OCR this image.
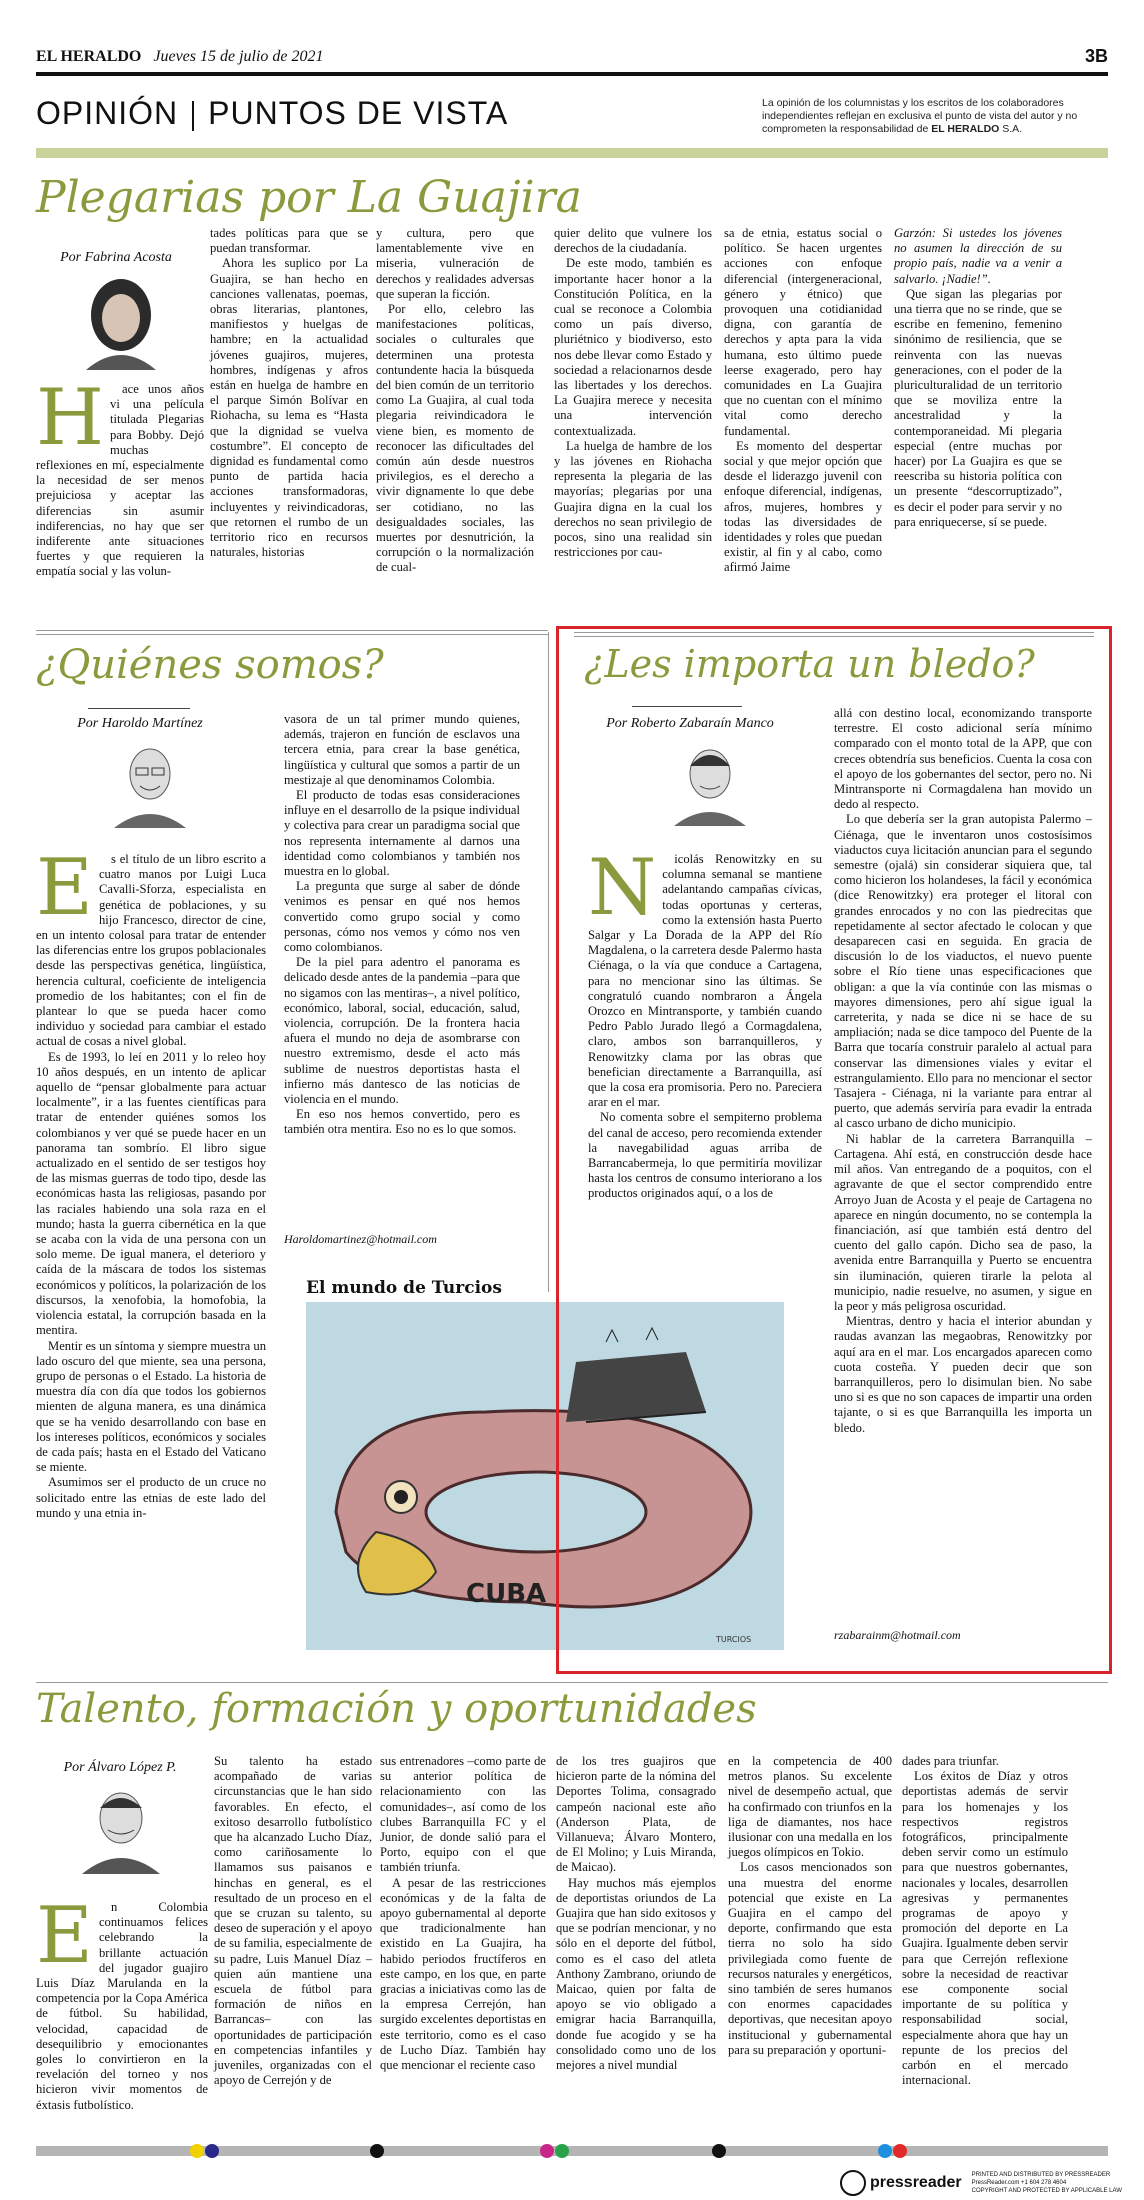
EL HERALDO Jueves 15 de julio de 2021	3B
OPINIÓN PUNTOS DE VISTA	La opinión de los columnistas y los escritos de los colaboradores independientes reflejan en exclusiva el punto de vista del autor y no comprometen la responsabilidad de EL HERALDO S.A.
Plegarias por La Guajira
Por Fabrina Acosta
H	ace unos años vi una película titulada Plegarias para Bobby. Dejó muchas reflexiones en mí, especialmente la necesidad de ser menos prejuiciosa y aceptar las diferencias sin asumir indiferencias, no hay que ser indiferente ante situaciones fuertes y que requieren la empatía social y las volun-

tades políticas para que se puedan transformar.

Ahora les suplico por La Guajira, se han hecho en canciones vallenatas, poemas, obras literarias, plantones, manifiestos y huelgas de hambre; en la actualidad jóvenes guajiros, mujeres, hombres, indígenas y afros están en huelga de hambre en el parque Simón Bolívar en Riohacha, su lema es “Hasta que la dignidad se vuelva costumbre”. El concepto de dignidad es fundamental como punto de partida hacia acciones transformadoras, incluyentes y reivindicadoras, que retornen el rumbo de un territorio rico en recursos naturales, historias

y cultura, pero que lamentablemente vive en miseria, vulneración de derechos y realidades adversas que superan la ficción.

Por ello, celebro las manifestaciones políticas, sociales o culturales que determinen una protesta contundente hacia la búsqueda del bien común de un territorio como La Guajira, al cual toda plegaria reivindicadora le viene bien, es momento de reconocer las dificultades del común aún desde nuestros privilegios, es el derecho a vivir dignamente lo que debe ser cotidiano, no las desigualdades sociales, las muertes por desnutrición, la corrupción o la normalización de cual-

quier delito que vulnere los derechos de la ciudadanía.

De este modo, también es importante hacer honor a la Constitución Política, en la cual se reconoce a Colombia como un país diverso, pluriétnico y biodiverso, esto nos debe llevar como Estado y sociedad a relacionarnos desde las libertades y los derechos. La Guajira merece y necesita una intervención contextualizada.

La huelga de hambre de los y las jóvenes en Riohacha representa la plegaria de las mayorías; plegarias por una Guajira digna en la cual los derechos no sean privilegio de pocos, sino una realidad sin restricciones por cau-

sa de etnia, estatus social o político. Se hacen urgentes acciones con enfoque diferencial (intergeneracional, género y étnico) que provoquen una cotidianidad digna, con garantía de derechos y apta para la vida humana, esto último puede leerse exagerado, pero hay comunidades en La Guajira que no cuentan con el mínimo vital como derecho fundamental.

Es momento del despertar social y que mejor opción que desde el liderazgo juvenil con enfoque diferencial, indígenas, afros, mujeres, hombres y todas las diversidades de identidades y roles que puedan existir, al fin y al cabo, como afirmó Jaime

Garzón: Si ustedes los jóvenes no asumen la dirección de su propio país, nadie va a venir a salvarlo. ¡Nadie!”.

Que sigan las plegarias por una tierra que no se rinde, que se escribe en femenino, femenino sinónimo de resiliencia, que se reinventa con las nuevas generaciones, con el poder de la pluriculturalidad de un territorio que se moviliza entre la ancestralidad y la contemporaneidad. Mi plegaria especial (entre muchas por hacer) por La Guajira es que se reescriba su historia política con un presente “descorruptizado”, es decir el poder para servir y no para enriquecerse, sí se puede.

¿Quiénes somos?
Por Haroldo Martínez
E	s el título de un libro escrito a cuatro manos por Luigi Luca Cavalli-Sforza, especialista en genética de poblaciones, y su hijo Francesco, director de cine, en un intento colosal para tratar de entender las diferencias entre los grupos poblacionales desde las perspectivas genética, lingüística, herencia cultural, coeficiente de inteligencia promedio de los habitantes; con el fin de plantear lo que se pueda hacer como individuo y sociedad para cambiar el estado actual de cosas a nivel global.

Es de 1993, lo leí en 2011 y lo releo hoy 10 años después, en un intento de aplicar aquello de “pensar globalmente para actuar localmente”, ir a las fuentes científicas para tratar de entender quiénes somos los colombianos y ver qué se puede hacer en un panorama tan sombrío. El libro sigue actualizado en el sentido de ser testigos hoy de las mismas guerras de todo tipo, desde las económicas hasta las religiosas, pasando por las raciales habiendo una sola raza en el mundo; hasta la guerra cibernética en la que se acaba con la vida de una persona con un solo meme. De igual manera, el deterioro y caída de la máscara de todos los sistemas económicos y políticos, la polarización de los discursos, la xenofobia, la homofobia, la violencia estatal, la corrupción basada en la mentira.

Mentir es un síntoma y siempre muestra un lado oscuro del que miente, sea una persona, grupo de personas o el Estado. La historia de muestra día con día que todos los gobiernos mienten de alguna manera, es una dinámica que se ha venido desarrollando con base en los intereses políticos, económicos y sociales de cada país; hasta en el Estado del Vaticano se miente.

Asumimos ser el producto de un cruce no solicitado entre las etnias de este lado del mundo y una etnia in-

vasora de un tal primer mundo quienes, además, trajeron en función de esclavos una tercera etnia, para crear la base genética, lingüística y cultural que somos a partir de un mestizaje al que denominamos Colombia.

El producto de todas esas consideraciones influye en el desarrollo de la psique individual y colectiva para crear un paradigma social que nos representa internamente al darnos una identidad como colombianos y también nos muestra en lo global.

La pregunta que surge al saber de dónde venimos es pensar en qué nos hemos convertido como grupo social y como personas, cómo nos vemos y cómo nos ven como colombianos.

De la piel para adentro el panorama es delicado desde antes de la pandemia –para que no sigamos con las mentiras–, a nivel político, económico, laboral, social, educación, salud, violencia, corrupción. De la frontera hacia afuera el mundo no deja de asombrarse con nuestro extremismo, desde el acto más sublime de nuestros deportistas hasta el infierno más dantesco de las noticias de violencia en el mundo.

En eso nos hemos convertido, pero es también otra mentira. Eso no es lo que somos.

Haroldomartinez@hotmail.com
El mundo de Turcios
CUBA
TURCIOS
¿Les importa un bledo?
Por Roberto Zabaraín Manco
N	icolás Renowitzky en su columna semanal se mantiene adelantando campañas cívicas, todas oportunas y certeras, como la extensión hasta Puerto Salgar y La Dorada de la APP del Río Magdalena, o la carretera desde Palermo hasta Ciénaga, o la vía que conduce a Cartagena, para no mencionar sino las últimas. Se congratuló cuando nombraron a Ángela Orozco en Mintransporte, y también cuando Pedro Pablo Jurado llegó a Cormagdalena, claro, ambos son barranquilleros, y Renowitzky clama por las obras que benefician directamente a Barranquilla, así que la cosa era promisoria. Pero no. Pareciera arar en el mar.

No comenta sobre el sempiterno problema del canal de acceso, pero recomienda extender la navegabilidad aguas arriba de Barrancabermeja, lo que permitiría movilizar hasta los centros de consumo interiorano a los productos originados aquí, o a los de

allá con destino local, economizando transporte terrestre. El costo adicional sería mínimo comparado con el monto total de la APP, que con creces obtendría sus beneficios. Cuenta la cosa con el apoyo de los gobernantes del sector, pero no. Ni Mintransporte ni Cormagdalena han movido un dedo al respecto.

Lo que debería ser la gran autopista Palermo – Ciénaga, que le inventaron unos costosísimos viaductos cuya licitación anuncian para el segundo semestre (ojalá) sin considerar siquiera que, tal como hicieron los holandeses, la fácil y económica (dice Renowitzky) era proteger el litoral con grandes enrocados y no con las piedrecitas que repetidamente al sector afectado le colocan y que desaparecen casi en seguida. En gracia de discusión lo de los viaductos, el nuevo puente sobre el Río tiene unas especificaciones que obligan: a que la vía continúe con las mismas o mayores dimensiones, pero ahí sigue igual la carreterita, y nada se dice ni se hace de su ampliación; nada se dice tampoco del Puente de la Barra que tocaría construir paralelo al actual para conservar las dimensiones viales y evitar el estrangulamiento. Ello para no mencionar el sector Tasajera - Ciénaga, ni la variante para entrar al puerto, que además serviría para evadir la entrada al casco urbano de dicho municipio.

Ni hablar de la carretera Barranquilla – Cartagena. Ahí está, en construcción desde hace mil años. Van entregando de a poquitos, con el agravante de que el sector comprendido entre Arroyo Juan de Acosta y el peaje de Cartagena no aparece en ningún documento, no se contempla la financiación, así que también está dentro del cuento del gallo capón. Dicho sea de paso, la avenida entre Barranquilla y Puerto se encuentra sin iluminación, quieren tirarle la pelota al municipio, nadie resuelve, no asumen, y sigue en la peor y más peligrosa oscuridad.

Mientras, dentro y hacia el interior abundan y raudas avanzan las megaobras, Renowitzky por aquí ara en el mar. Los encargados aparecen como cuota costeña. Y pueden decir que son barranquilleros, pero lo disimulan bien. No sabe uno si es que no son capaces de impartir una orden tajante, o si es que Barranquilla les importa un bledo.

rzabarainm@hotmail.com
Talento, formación y oportunidades
Por Álvaro López P.
E	n Colombia continuamos felices celebrando la brillante actuación del jugador guajiro Luis Díaz Marulanda en la competencia por la Copa América de fútbol. Su habilidad, velocidad, capacidad de desequilibrio y emocionantes goles lo convirtieron en la revelación del torneo y nos hicieron vivir momentos de éxtasis futbolístico.

Su talento ha estado acompañado de varias circunstancias que le han sido favorables. En efecto, el exitoso desarrollo futbolístico que ha alcanzado Lucho Díaz, como cariñosamente lo llamamos sus paisanos e hinchas en general, es el resultado de un proceso en el que se cruzan su talento, su deseo de superación y el apoyo de su familia, especialmente de su padre, Luis Manuel Díaz –quien aún mantiene una escuela de fútbol para formación de niños en Barrancas– con las oportunidades de participación en competencias infantiles y juveniles, organizadas con el apoyo de Cerrejón y de

sus entrenadores –como parte de su anterior política de relacionamiento con las comunidades–, así como de los clubes Barranquilla FC y el Junior, de donde salió para el Porto, equipo con el que también triunfa.

A pesar de las restricciones económicas y de la falta de apoyo gubernamental al deporte que tradicionalmente han existido en La Guajira, ha habido periodos fructíferos en este campo, en los que, en parte gracias a iniciativas como las de la empresa Cerrejón, han surgido excelentes deportistas en este territorio, como es el caso de Lucho Díaz. También hay que mencionar el reciente caso

de los tres guajiros que hicieron parte de la nómina del Deportes Tolima, consagrado campeón nacional este año (Anderson Plata, de Villanueva; Álvaro Montero, de El Molino; y Luis Miranda, de Maicao).

Hay muchos más ejemplos de deportistas oriundos de La Guajira que han sido exitosos y que se podrían mencionar, y no sólo en el deporte del fútbol, como es el caso del atleta Anthony Zambrano, oriundo de Maicao, quien por falta de apoyo se vio obligado a emigrar hacia Barranquilla, donde fue acogido y se ha consolidado como uno de los mejores a nivel mundial

en la competencia de 400 metros planos. Su excelente nivel de desempeño actual, que ha confirmado con triunfos en la liga de diamantes, nos hace ilusionar con una medalla en los juegos olímpicos en Tokio.

Los casos mencionados son una muestra del enorme potencial que existe en La Guajira en el campo del deporte, confirmando que esta tierra no solo ha sido privilegiada como fuente de recursos naturales y energéticos, sino también de seres humanos con enormes capacidades deportivas, que necesitan apoyo institucional y gubernamental para su preparación y oportuni-

dades para triunfar.

Los éxitos de Díaz y otros deportistas además de servir para los homenajes y los respectivos registros fotográficos, principalmente deben servir como un estímulo para que nuestros gobernantes, nacionales y locales, desarrollen agresivas y permanentes programas de apoyo y promoción del deporte en La Guajira. Igualmente deben servir para que Cerrejón reflexione sobre la necesidad de reactivar ese componente social importante de su política y responsabilidad social, especialmente ahora que hay un repunte de los precios del carbón en el mercado internacional.

pressreader PRINTED AND DISTRIBUTED BY PRESSREADER
PressReader.com +1 604 278 4604
COPYRIGHT AND PROTECTED BY APPLICABLE LAW
